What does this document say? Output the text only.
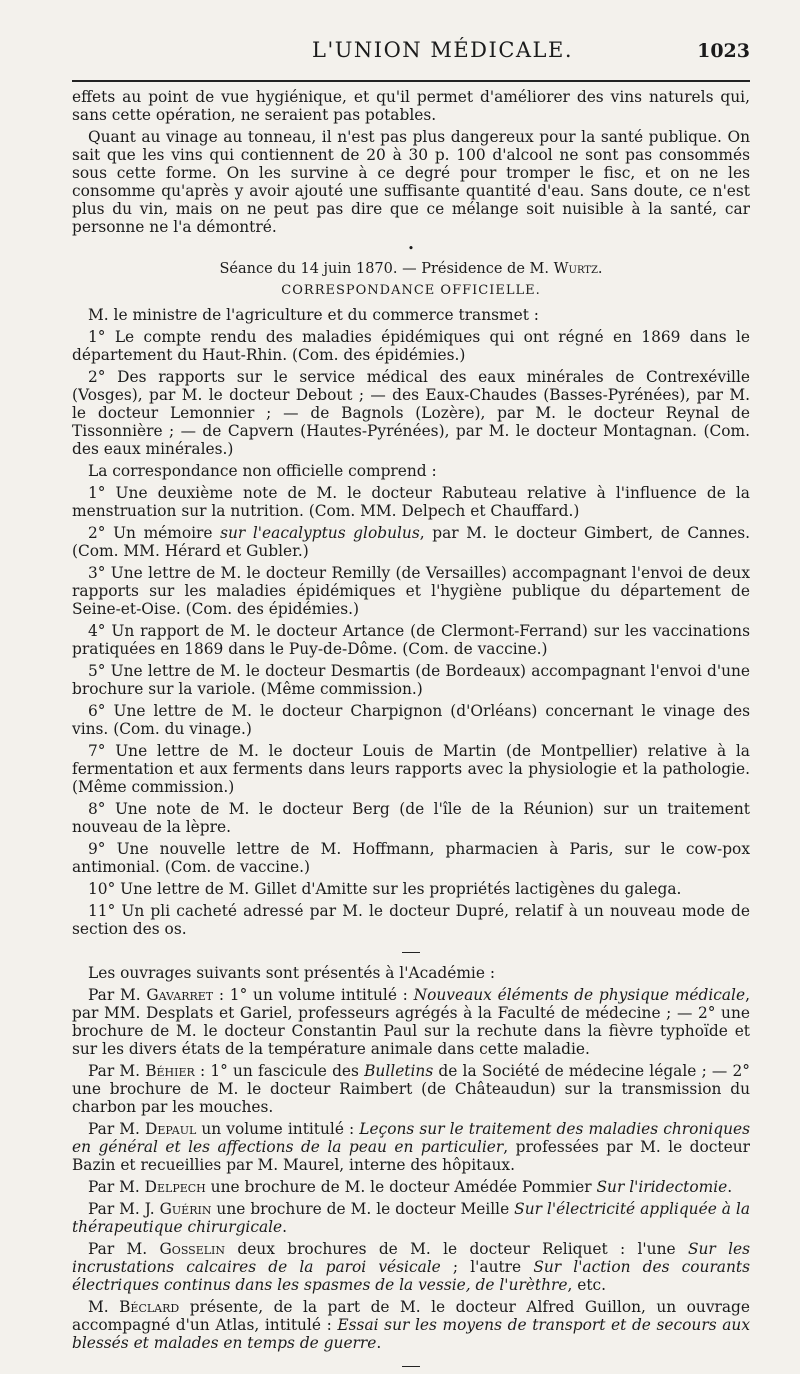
L'UNION MÉDICALE.	1023

effets au point de vue hygiénique, et qu'il permet d'améliorer des vins naturels qui, sans cette opération, ne seraient pas potables.

Quant au vinage au tonneau, il n'est pas plus dangereux pour la santé publique. On sait que les vins qui contiennent de 20 à 30 p. 100 d'alcool ne sont pas consommés sous cette forme. On les survine à ce degré pour tromper le fisc, et on ne les consomme qu'après y avoir ajouté une suffisante quantité d'eau. Sans doute, ce n'est plus du vin, mais on ne peut pas dire que ce mélange soit nuisible à la santé, car personne ne l'a démontré.

•
Séance du 14 juin 1870. — Présidence de M. Wurtz.
CORRESPONDANCE OFFICIELLE.

M. le ministre de l'agriculture et du commerce transmet :

1° Le compte rendu des maladies épidémiques qui ont régné en 1869 dans le département du Haut-Rhin. (Com. des épidémies.)

2° Des rapports sur le service médical des eaux minérales de Contrexéville (Vosges), par M. le docteur Debout ; — des Eaux-Chaudes (Basses-Pyrénées), par M. le docteur Lemonnier ; — de Bagnols (Lozère), par M. le docteur Reynal de Tissonnière ; — de Capvern (Hautes-Pyrénées), par M. le docteur Montagnan. (Com. des eaux minérales.)

La correspondance non officielle comprend :

1° Une deuxième note de M. le docteur Rabuteau relative à l'influence de la menstruation sur la nutrition. (Com. MM. Delpech et Chauffard.)

2° Un mémoire sur l'eacalyptus globulus, par M. le docteur Gimbert, de Cannes. (Com. MM. Hérard et Gubler.)

3° Une lettre de M. le docteur Remilly (de Versailles) accompagnant l'envoi de deux rapports sur les maladies épidémiques et l'hygiène publique du département de Seine-et-Oise. (Com. des épidémies.)

4° Un rapport de M. le docteur Artance (de Clermont-Ferrand) sur les vaccinations pratiquées en 1869 dans le Puy-de-Dôme. (Com. de vaccine.)

5° Une lettre de M. le docteur Desmartis (de Bordeaux) accompagnant l'envoi d'une brochure sur la variole. (Même commission.)

6° Une lettre de M. le docteur Charpignon (d'Orléans) concernant le vinage des vins. (Com. du vinage.)

7° Une lettre de M. le docteur Louis de Martin (de Montpellier) relative à la fermentation et aux ferments dans leurs rapports avec la physiologie et la pathologie. (Même commission.)

8° Une note de M. le docteur Berg (de l'île de la Réunion) sur un traitement nouveau de la lèpre.

9° Une nouvelle lettre de M. Hoffmann, pharmacien à Paris, sur le cow-pox antimonial. (Com. de vaccine.)

10° Une lettre de M. Gillet d'Amitte sur les propriétés lactigènes du galega.

11° Un pli cacheté adressé par M. le docteur Dupré, relatif à un nouveau mode de section des os.

Les ouvrages suivants sont présentés à l'Académie :

Par M. Gavarret : 1° un volume intitulé : Nouveaux éléments de physique médicale, par MM. Desplats et Gariel, professeurs agrégés à la Faculté de médecine ; — 2° une brochure de M. le docteur Constantin Paul sur la rechute dans la fièvre typhoïde et sur les divers états de la température animale dans cette maladie.

Par M. Béhier : 1° un fascicule des Bulletins de la Société de médecine légale ; — 2° une brochure de M. le docteur Raimbert (de Châteaudun) sur la transmission du charbon par les mouches.

Par M. Depaul un volume intitulé : Leçons sur le traitement des maladies chroniques en général et les affections de la peau en particulier, professées par M. le docteur Bazin et recueillies par M. Maurel, interne des hôpitaux.

Par M. Delpech une brochure de M. le docteur Amédée Pommier Sur l'iridectomie.

Par M. J. Guérin une brochure de M. le docteur Meille Sur l'électricité appliquée à la thérapeutique chirurgicale.

Par M. Gosselin deux brochures de M. le docteur Reliquet : l'une Sur les incrustations calcaires de la paroi vésicale ; l'autre Sur l'action des courants électriques continus dans les spasmes de la vessie, de l'urèthre, etc.

M. Béclard présente, de la part de M. le docteur Alfred Guillon, un ouvrage accompagné d'un Atlas, intitulé : Essai sur les moyens de transport et de secours aux blessés et malades en temps de guerre.
